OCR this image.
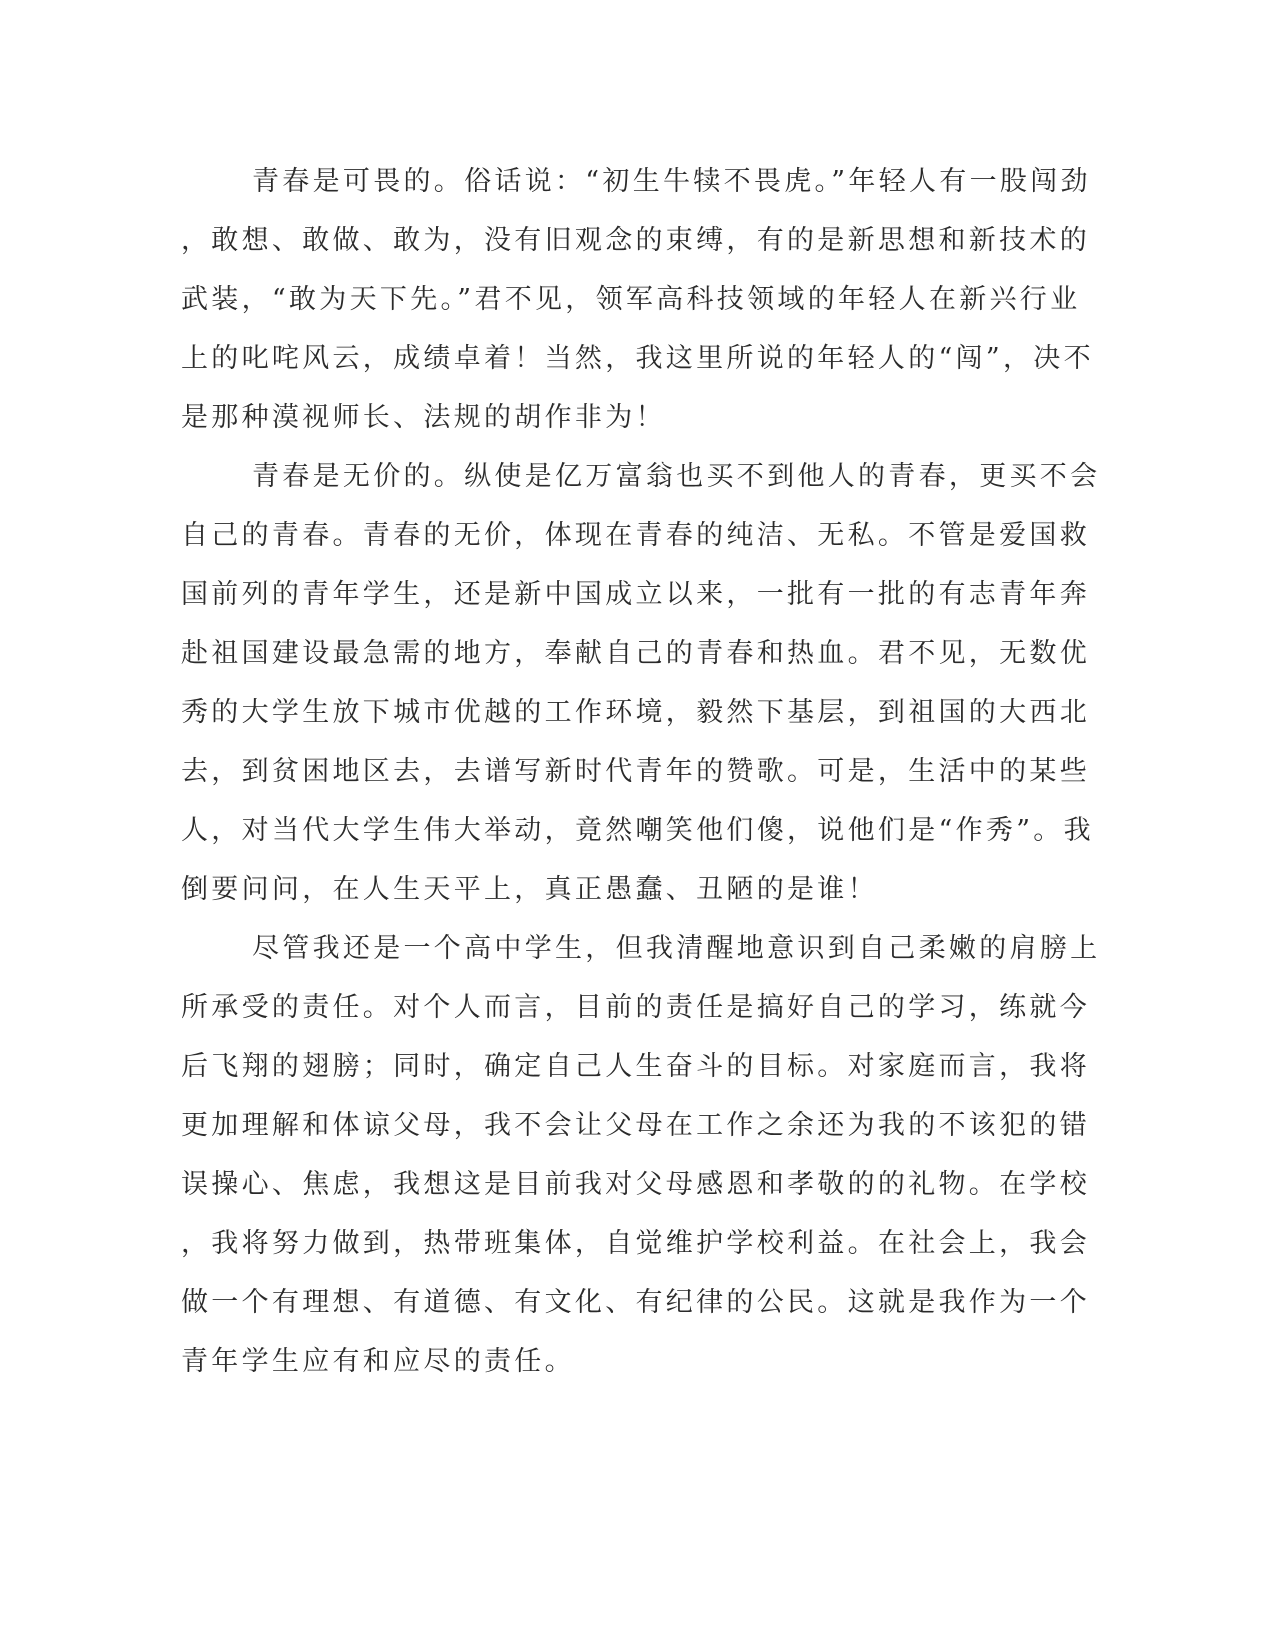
青春是可畏的。俗话说：“初生牛犊不畏虎。”年轻人有一股闯劲
，敢想、敢做、敢为，没有旧观念的束缚，有的是新思想和新技术的
武装，“敢为天下先。”君不见，领军高科技领域的年轻人在新兴行业
上的叱咤风云，成绩卓着！当然，我这里所说的年轻人的“闯”，决不
是那种漠视师长、法规的胡作非为！
青春是无价的。纵使是亿万富翁也买不到他人的青春，更买不会
自己的青春。青春的无价，体现在青春的纯洁、无私。不管是爱国救
国前列的青年学生，还是新中国成立以来，一批有一批的有志青年奔
赴祖国建设最急需的地方，奉献自己的青春和热血。君不见，无数优
秀的大学生放下城市优越的工作环境，毅然下基层，到祖国的大西北
去，到贫困地区去，去谱写新时代青年的赞歌。可是，生活中的某些
人，对当代大学生伟大举动，竟然嘲笑他们傻，说他们是“作秀”。我
倒要问问，在人生天平上，真正愚蠢、丑陋的是谁！
尽管我还是一个高中学生，但我清醒地意识到自己柔嫩的肩膀上
所承受的责任。对个人而言，目前的责任是搞好自己的学习，练就今
后飞翔的翅膀；同时，确定自己人生奋斗的目标。对家庭而言，我将
更加理解和体谅父母，我不会让父母在工作之余还为我的不该犯的错
误操心、焦虑，我想这是目前我对父母感恩和孝敬的的礼物。在学校
，我将努力做到，热带班集体，自觉维护学校利益。在社会上，我会
做一个有理想、有道德、有文化、有纪律的公民。这就是我作为一个
青年学生应有和应尽的责任。
